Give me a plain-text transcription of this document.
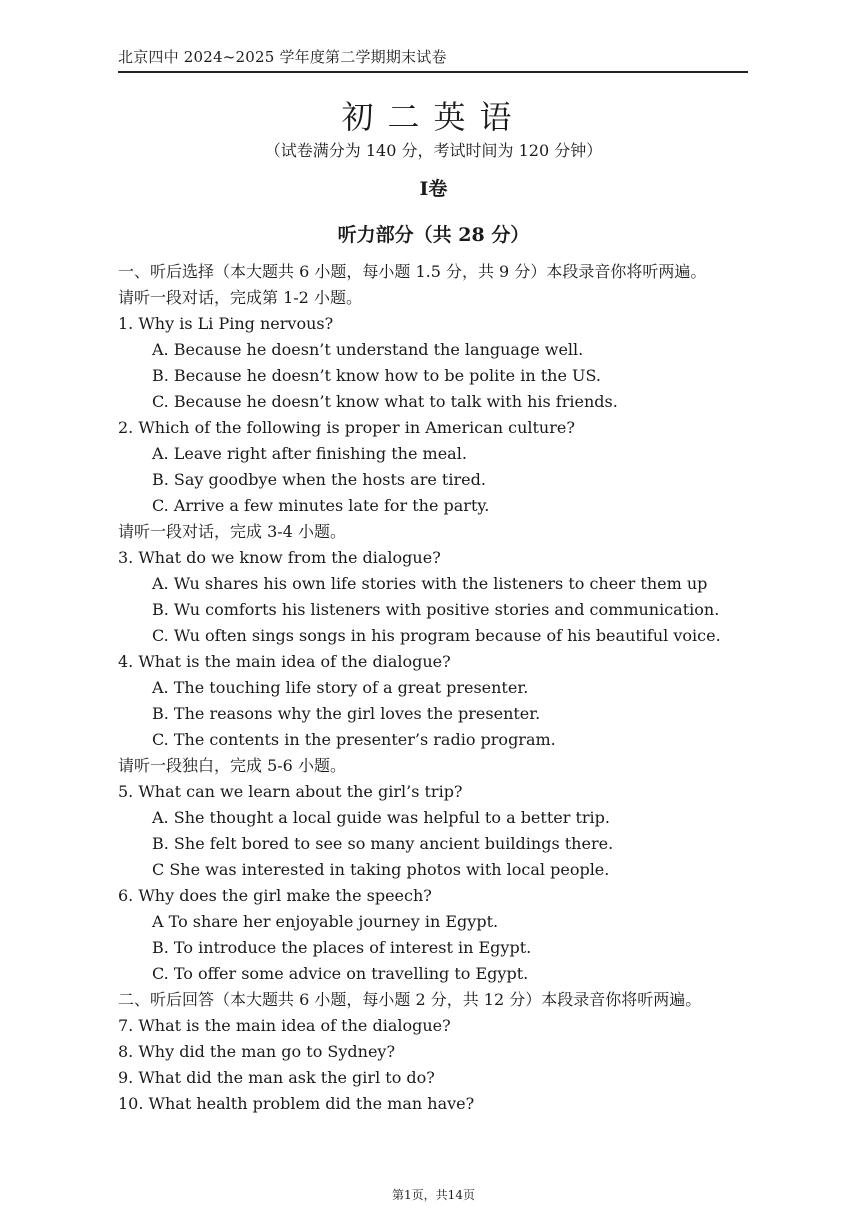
北京四中 2024~2025 学年度第二学期期末试卷
初二英语
（试卷满分为 140 分，考试时间为 120 分钟）
I卷
听力部分（共 28 分）
一、听后选择（本大题共 6 小题，每小题 1.5 分，共 9 分）本段录音你将听两遍。
请听一段对话，完成第 1-2 小题。
1. Why is Li Ping nervous?
A. Because he doesn’t understand the language well.
B. Because he doesn’t know how to be polite in the US.
C. Because he doesn’t know what to talk with his friends.
2. Which of the following is proper in American culture?
A. Leave right after finishing the meal.
B. Say goodbye when the hosts are tired.
C. Arrive a few minutes late for the party.
请听一段对话，完成 3-4 小题。
3. What do we know from the dialogue?
A. Wu shares his own life stories with the listeners to cheer them up
B. Wu comforts his listeners with positive stories and communication.
C. Wu often sings songs in his program because of his beautiful voice.
4. What is the main idea of the dialogue?
A. The touching life story of a great presenter.
B. The reasons why the girl loves the presenter.
C. The contents in the presenter’s radio program.
请听一段独白，完成 5-6 小题。
5. What can we learn about the girl’s trip?
A. She thought a local guide was helpful to a better trip.
B. She felt bored to see so many ancient buildings there.
C She was interested in taking photos with local people.
6. Why does the girl make the speech?
A To share her enjoyable journey in Egypt.
B. To introduce the places of interest in Egypt.
C. To offer some advice on travelling to Egypt.
二、听后回答（本大题共 6 小题，每小题 2 分，共 12 分）本段录音你将听两遍。
7. What is the main idea of the dialogue?
8. Why did the man go to Sydney?
9. What did the man ask the girl to do?
10. What health problem did the man have?
第1页，共14页
